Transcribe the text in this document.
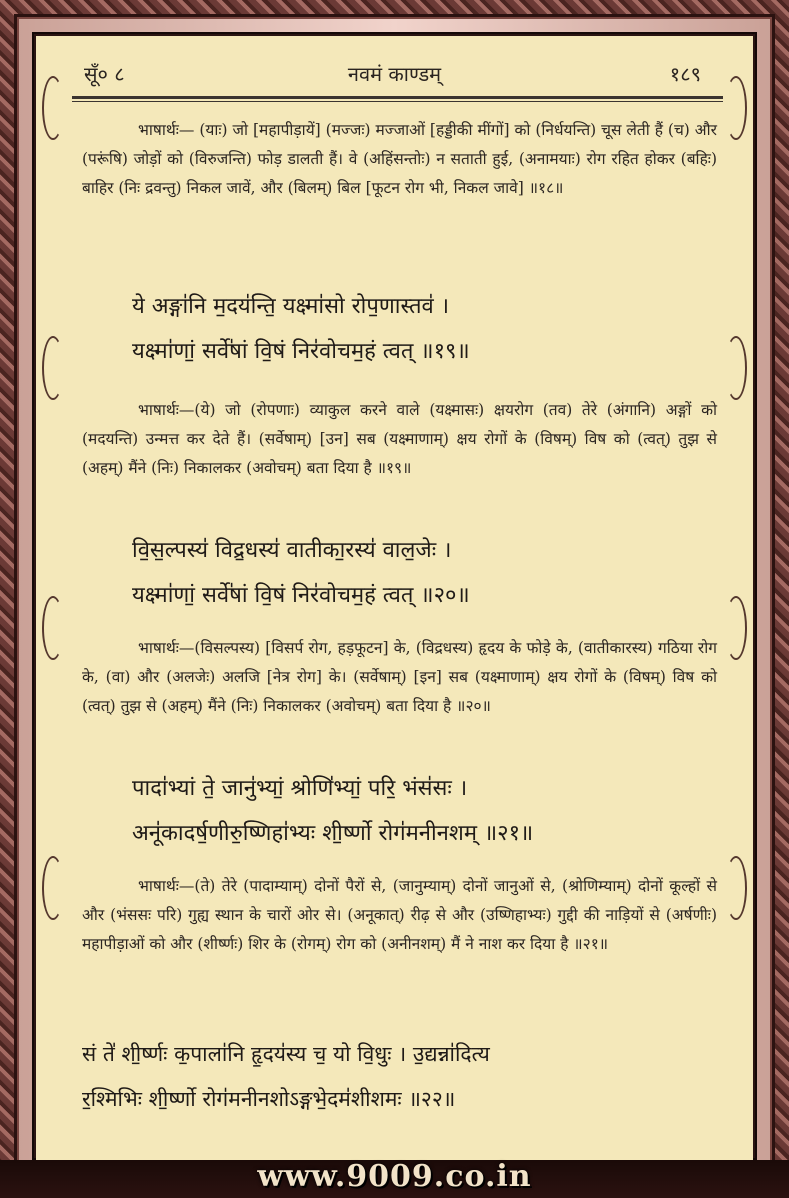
सूँ० ८	नवमं काण्डम्	१८९

भाषार्थः— (याः) जो [महापीड़ायें] (मज्जः) मज्जाओं [हड्डीकी मींगों] को (निर्धयन्ति) चूस लेती हैं (च) और (परूंषि) जोड़ों को (विरुजन्ति) फोड़ डालती हैं। वे (अहिंसन्तोः) न सताती हुई, (अनामयाः) रोग रहित होकर (बहिः) बाहिर (निः द्रवन्तु) निकल जावें, और (बिलम्) बिल [फूटन रोग भी, निकल जावे] ॥१८॥

ये अङ्गा॑नि म॒दय॑न्ति॒ यक्ष्मा॑सो रोप॒णास्तव॑ ।

यक्ष्मा॑णां॒ सर्वे॑षां वि॒षं निर॑वोचम॒हं त्वत् ॥१९॥

भाषार्थः—(ये) जो (रोपणाः) व्याकुल करने वाले (यक्ष्मासः) क्षयरोग (तव) तेरे (अंगानि) अङ्गों को (मदयन्ति) उन्मत्त कर देते हैं। (सर्वेषाम्) [उन] सब (यक्ष्माणाम्) क्षय रोगों के (विषम्) विष को (त्वत्) तुझ से (अहम्) मैंने (निः) निकालकर (अवोचम्) बता दिया है ॥१९॥

वि॒स॒ल्पस्य॑ विद्र॒धस्य॑ वातीका॒रस्य॑ वाल॒जेः ।

यक्ष्मा॑णां॒ सर्वे॑षां वि॒षं निर॑वोचम॒हं त्वत् ॥२०॥

भाषार्थः—(विसल्पस्य) [विसर्प रोग, हड़फूटन] के, (विद्रधस्य) हृदय के फोड़े के, (वातीकारस्य) गठिया रोग के, (वा) और (अलजेः) अलजि [नेत्र रोग] के। (सर्वेषाम्) [इन] सब (यक्ष्माणाम्) क्षय रोगों के (विषम्) विष को (त्वत्) तुझ से (अहम्) मैंने (निः) निकालकर (अवोचम्) बता दिया है ॥२०॥

पादा॑भ्यां ते॒ जानु॑भ्यां॒ श्रोणि॑भ्यां॒ परि॒ भंस॑सः ।

अनू॑कादर्ष॒णीरु॒ष्णिहा॑भ्यः शी॒र्ष्णो रोग॑मनीनशम् ॥२१॥

भाषार्थः—(ते) तेरे (पादाम्याम्) दोनों पैरों से, (जानुम्याम्) दोनों जानुओं से, (श्रोणिम्याम्) दोनों कूल्हों से और (भंससः परि) गुह्य स्थान के चारों ओर से। (अनूकात्) रीढ़ से और (उष्णिहाभ्यः) गुद्दी की नाड़ियों से (अर्षणीः) महापीड़ाओं को और (शीर्ष्णः) शिर के (रोगम्) रोग को (अनीनशम्) मैं ने नाश कर दिया है ॥२१॥

सं ते॑ शी॒र्ष्णः क॒पाला॑नि हृ॒दय॑स्य च॒ यो वि॒धुः । उ॒द्यन्ना॑दित्य

र॒श्मिभिः शी॒र्ष्णो रोग॑मनीनशोऽङ्गभे॒दम॑शीशमः ॥२२॥

www.9009.co.in
